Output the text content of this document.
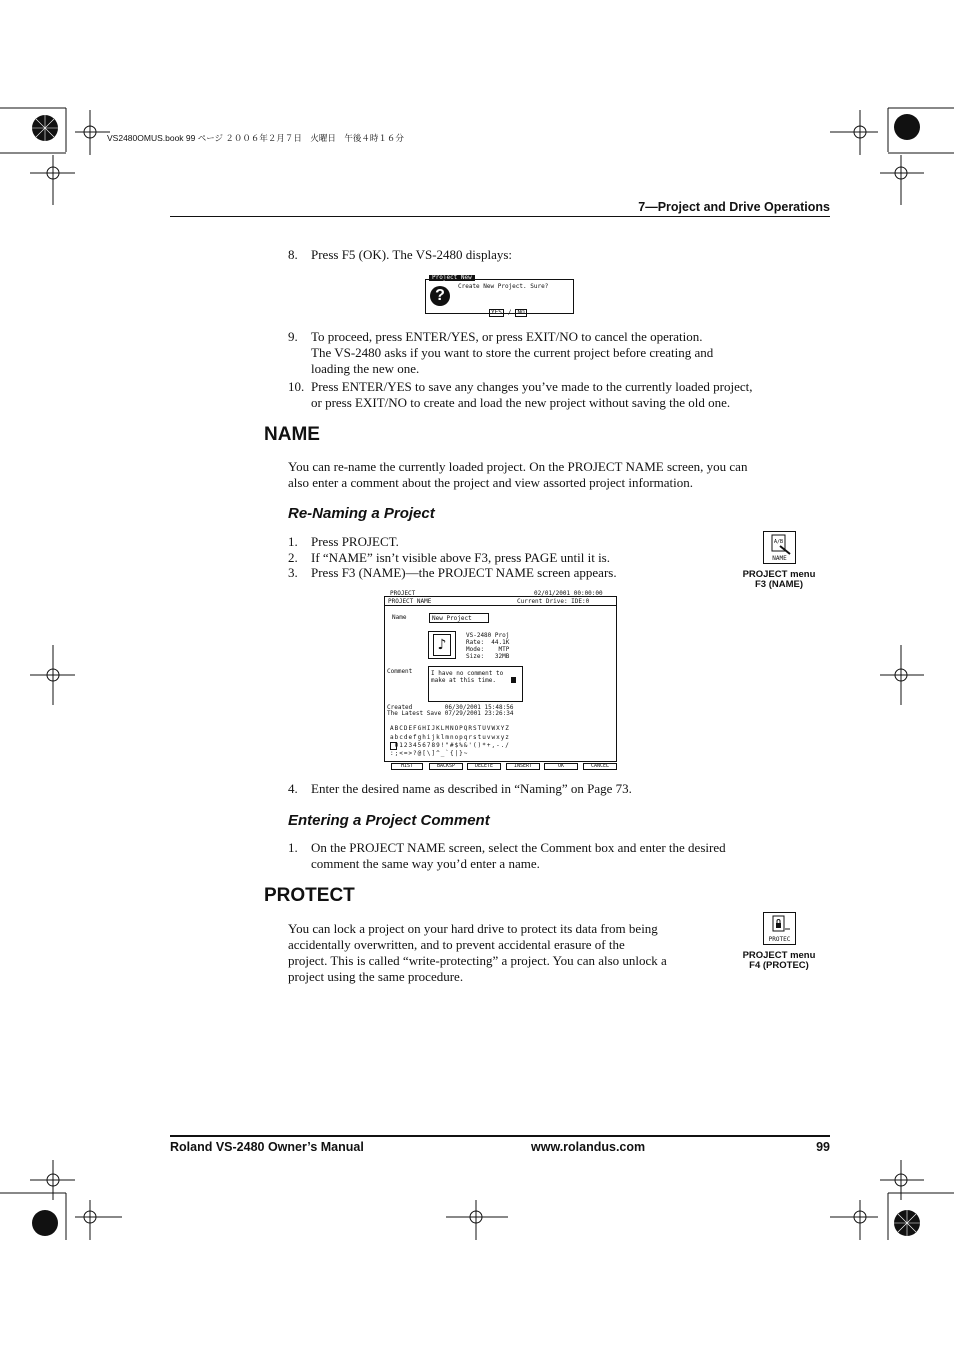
VS2480OMUS.book 99 ページ ２００６年２月７日　火曜日　午後４時１６分
7—Project and Drive Operations
8. Press F5 (OK). The VS-2480 displays:
Project New
?
Create New Project. Sure?
YES / NO
9. To proceed, press ENTER/YES, or press EXIT/NO to cancel the operation.
The VS-2480 asks if you want to store the current project before creating and
loading the new one.
10. Press ENTER/YES to save any changes you’ve made to the currently loaded project,
or press EXIT/NO to create and load the new project without saving the old one.
NAME
You can re-name the currently loaded project. On the PROJECT NAME screen, you can
also enter a comment about the project and view assorted project information.
Re-Naming a Project
1. Press PROJECT.
2. If “NAME” isn’t visible above F3, press PAGE until it is.
3. Press F3 (NAME)—the PROJECT NAME screen appears.
A/B
NAME
PROJECT menu
F3 (NAME)
PROJECT	02/01/2001 00:00:00
PROJECT NAME	Current Drive: IDE:0
Name	New Project
♪
VS-2480 Proj
Rate:  44.1K
Mode:    MTP
Size:   32MB
Comment	I have no comment to
make at this time.
Created         06/30/2001 15:48:56
The Latest Save 07/29/2001 23:26:34
ABCDEFGHIJKLMNOPQRSTUVWXYZ
abcdefghijklmnopqrstuvwxyz
0123456789!"#$%&'()*+,-./
:;<=>?@[\]^_`{|}~
HIST	BACKSP	DELETE	INSERT	OK	CANCEL
4. Enter the desired name as described in “Naming” on Page 73.
Entering a Project Comment
1. On the PROJECT NAME screen, select the Comment box and enter the desired
comment the same way you’d enter a name.
PROTECT
You can lock a project on your hard drive to protect its data from being
accidentally overwritten, and to prevent accidental erasure of the
project. This is called “write-protecting” a project. You can also unlock a
project using the same procedure.
PROTEC
PROJECT menu
F4 (PROTEC)
Roland VS-2480 Owner’s Manual	www.rolandus.com	99
